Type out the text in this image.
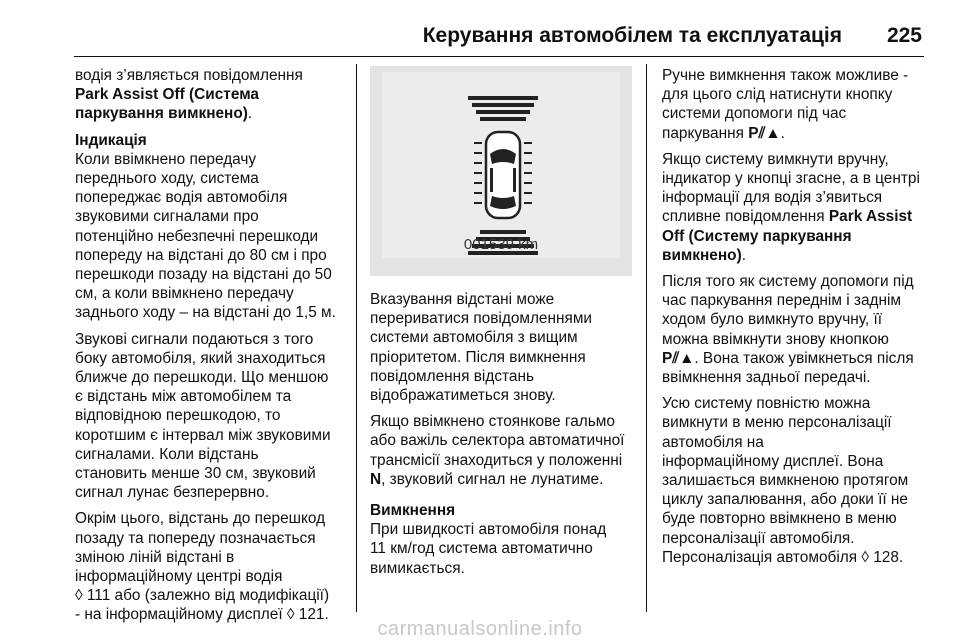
Керування автомобілем та експлуатація 225

водія з’являється повідомлення
Park Assist Off (Система
паркування вимкнено).

Індикація

Коли ввімкнено передачу
переднього ходу, система
попереджає водія автомобіля
звуковими сигналами про
потенційно небезпечні перешкоди
попереду на відстані до 80 см і про
перешкоди позаду на відстані до 50
см, а коли ввімкнено передачу
заднього ходу – на відстані до 1,5 м.

Звукові сигнали подаються з того
боку автомобіля, який знаходиться
ближче до перешкоди. Що меншою
є відстань між автомобілем та
відповідною перешкодою, то
коротшим є інтервал між звуковими
сигналами. Коли відстань
становить менше 30 см, звуковий
сигнал лунає безперервно.

Окрім цього, відстань до перешкод
позаду та попереду позначається
зміною ліній відстані в
інформаційному центрі водія
◊ 111 або (залежно від модифікації)
- на інформаційному дисплеї ◊ 121.

001539 km

Вказування відстані може
перериватися повідомленнями
системи автомобіля з вищим
пріоритетом. Після вимкнення
повідомлення відстань
відображатиметься знову.

Якщо ввімкнено стоянкове гальмо
або важіль селектора автоматичної
трансмісії знаходиться у положенні
N, звуковий сигнал не лунатиме.

Вимкнення

При швидкості автомобіля понад
11 км/год система автоматично
вимикається.

Ручне вимкнення також можливе -
для цього слід натиснути кнопку
системи допомоги під час
паркування P⫽▲.

Якщо систему вимкнути вручну,
індикатор у кнопці згасне, а в центрі
інформації для водія з’явиться
спливне повідомлення Park Assist
Off (Систему паркування
вимкнено).

Після того як систему допомоги під
час паркування переднім і заднім
ходом було вимкнуто вручну, її
можна ввімкнути знову кнопкою
P⫽▲. Вона також увімкнеться після
ввімкнення задньої передачі.

Усю систему повністю можна
вимкнути в меню персоналізації
автомобіля на
інформаційному дисплеї. Вона
залишається вимкненою протягом
циклу запалювання, або доки її не
буде повторно ввімкнено в меню
персоналізації автомобіля.
Персоналізація автомобіля ◊ 128.

carmanualsonline.info
